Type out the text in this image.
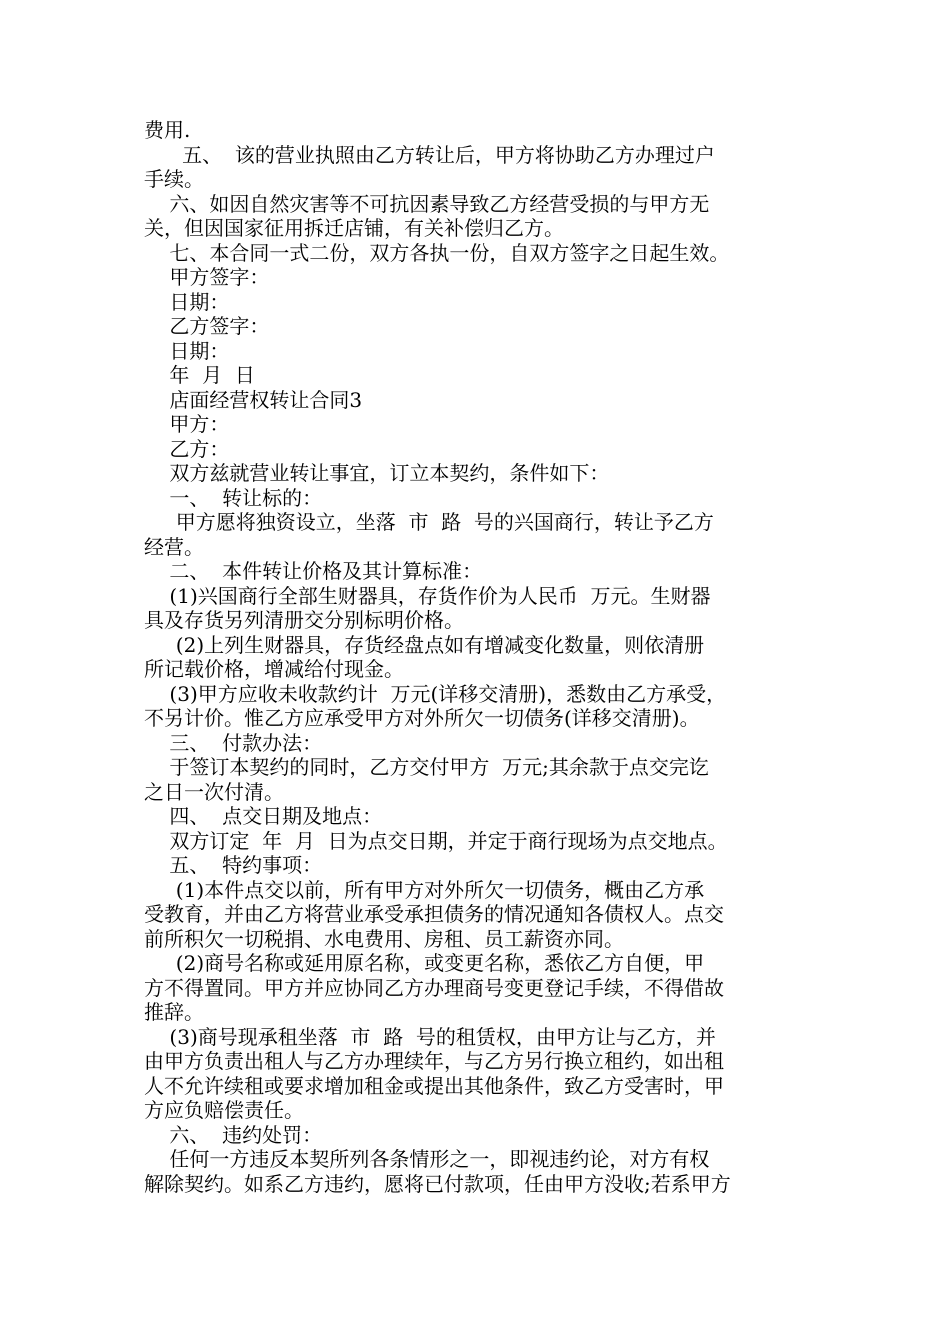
费用.
五、  该的营业执照由乙方转让后，甲方将协助乙方办理过户
手续。
六、如因自然灾害等不可抗因素导致乙方经营受损的与甲方无
关，但因国家征用拆迁店铺，有关补偿归乙方。
七、本合同一式二份，双方各执一份，自双方签字之日起生效。
甲方签字：
日期：
乙方签字：
日期：
年  月  日
店面经营权转让合同3
甲方：
乙方：
双方兹就营业转让事宜，订立本契约，条件如下：
一、  转让标的：
甲方愿将独资设立，坐落  市  路  号的兴国商行，转让予乙方
经营。
二、  本件转让价格及其计算标准：
(1)兴国商行全部生财器具，存货作价为人民币  万元。生财器
具及存货另列清册交分别标明价格。
(2)上列生财器具，存货经盘点如有增减变化数量，则依清册
所记载价格，增减给付现金。
(3)甲方应收未收款约计  万元(详移交清册)，悉数由乙方承受，
不另计价。惟乙方应承受甲方对外所欠一切债务(详移交清册)。
三、  付款办法：
于签订本契约的同时，乙方交付甲方  万元;其余款于点交完讫
之日一次付清。
四、  点交日期及地点：
双方订定  年  月  日为点交日期，并定于商行现场为点交地点。
五、  特约事项：
(1)本件点交以前，所有甲方对外所欠一切债务，概由乙方承
受教育，并由乙方将营业承受承担债务的情况通知各债权人。点交
前所积欠一切税捐、水电费用、房租、员工薪资亦同。
(2)商号名称或延用原名称，或变更名称，悉依乙方自便，甲
方不得置同。甲方并应协同乙方办理商号变更登记手续，不得借故
推辞。
(3)商号现承租坐落  市  路  号的租赁权，由甲方让与乙方，并
由甲方负责出租人与乙方办理续年，与乙方另行换立租约，如出租
人不允许续租或要求增加租金或提出其他条件，致乙方受害时，甲
方应负赔偿责任。
六、  违约处罚：
任何一方违反本契所列各条情形之一，即视违约论，对方有权
解除契约。如系乙方违约，愿将已付款项，任由甲方没收;若系甲方
